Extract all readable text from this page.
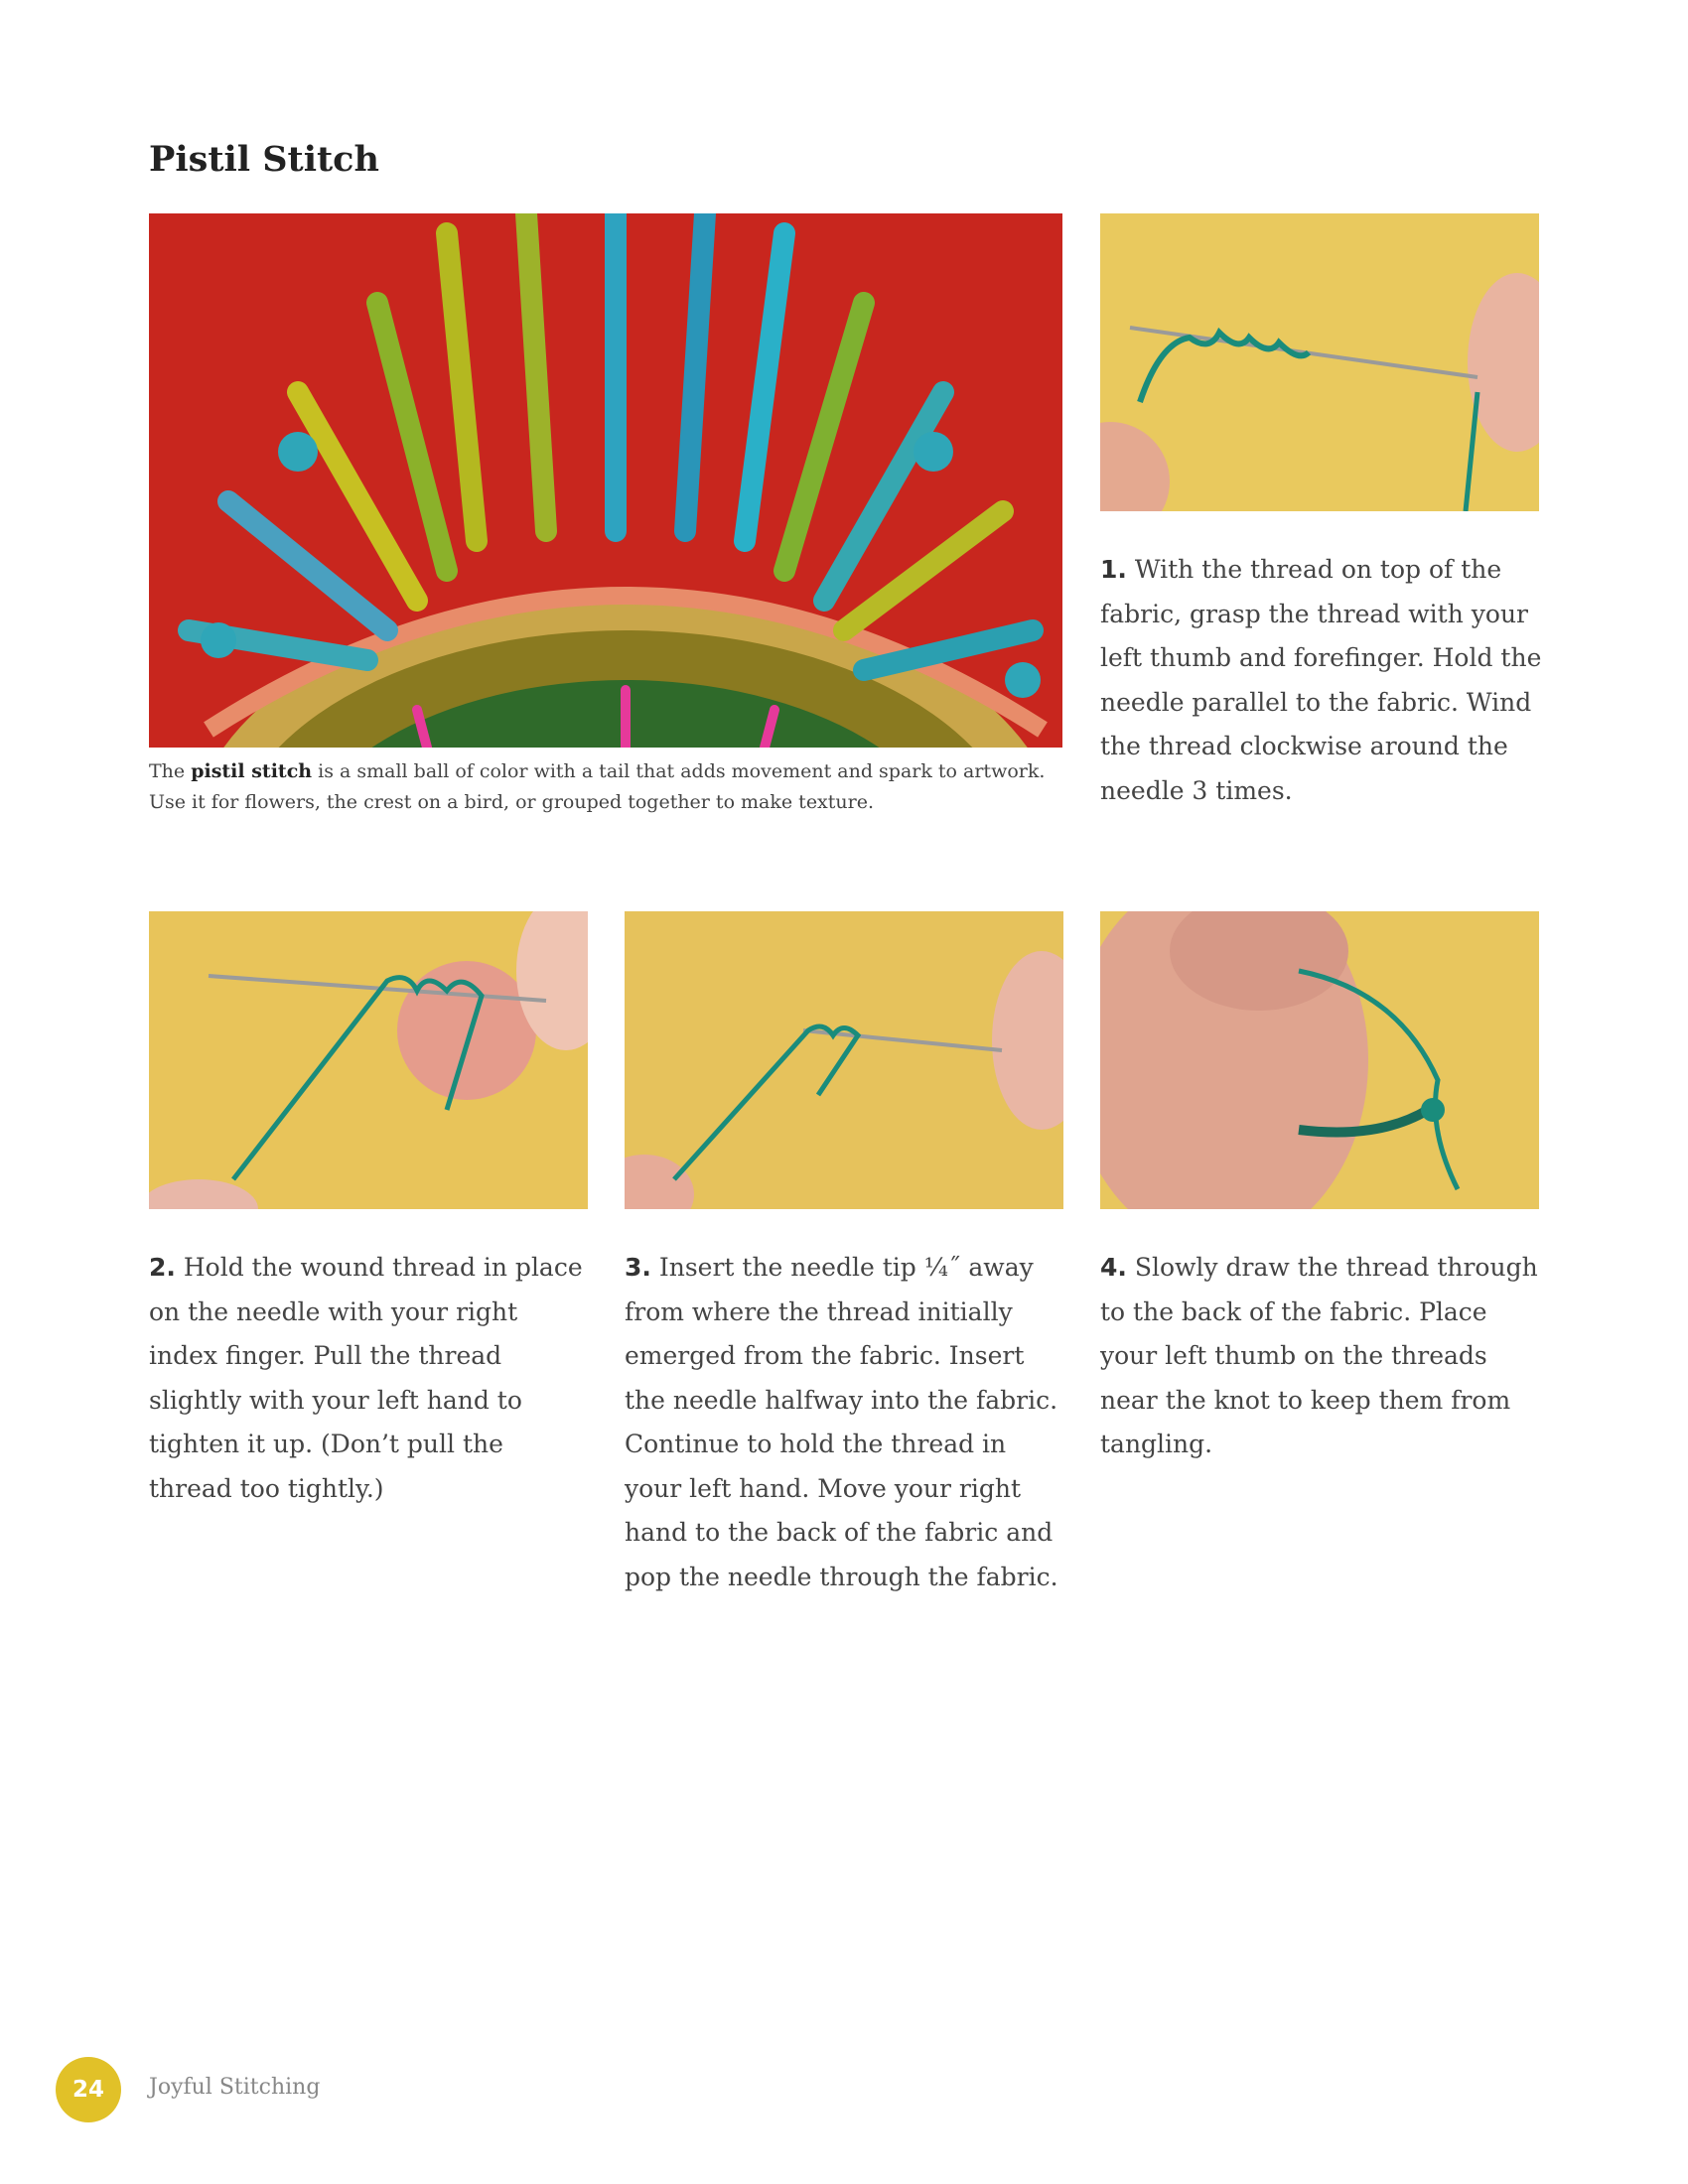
Pistil Stitch
The pistil stitch is a small ball of color with a tail that adds movement and spark to artwork. Use it for flowers, the crest on a bird, or grouped together to make texture.
1. With the thread on top of the fabric, grasp the thread with your left thumb and forefinger. Hold the needle parallel to the fabric. Wind the thread clockwise around the needle 3 times.
2. Hold the wound thread in place on the needle with your right index finger. Pull the thread slightly with your left hand to tighten it up. (Don’t pull the thread too tightly.)
3. Insert the needle tip ¼˝ away from where the thread initially emerged from the fabric. Insert the needle halfway into the fabric. Continue to hold the thread in your left hand. Move your right hand to the back of the fabric and pop the needle through the fabric.
4. Slowly draw the thread through to the back of the fabric. Place your left thumb on the threads near the knot to keep them from tangling.
24	Joyful Stitching
